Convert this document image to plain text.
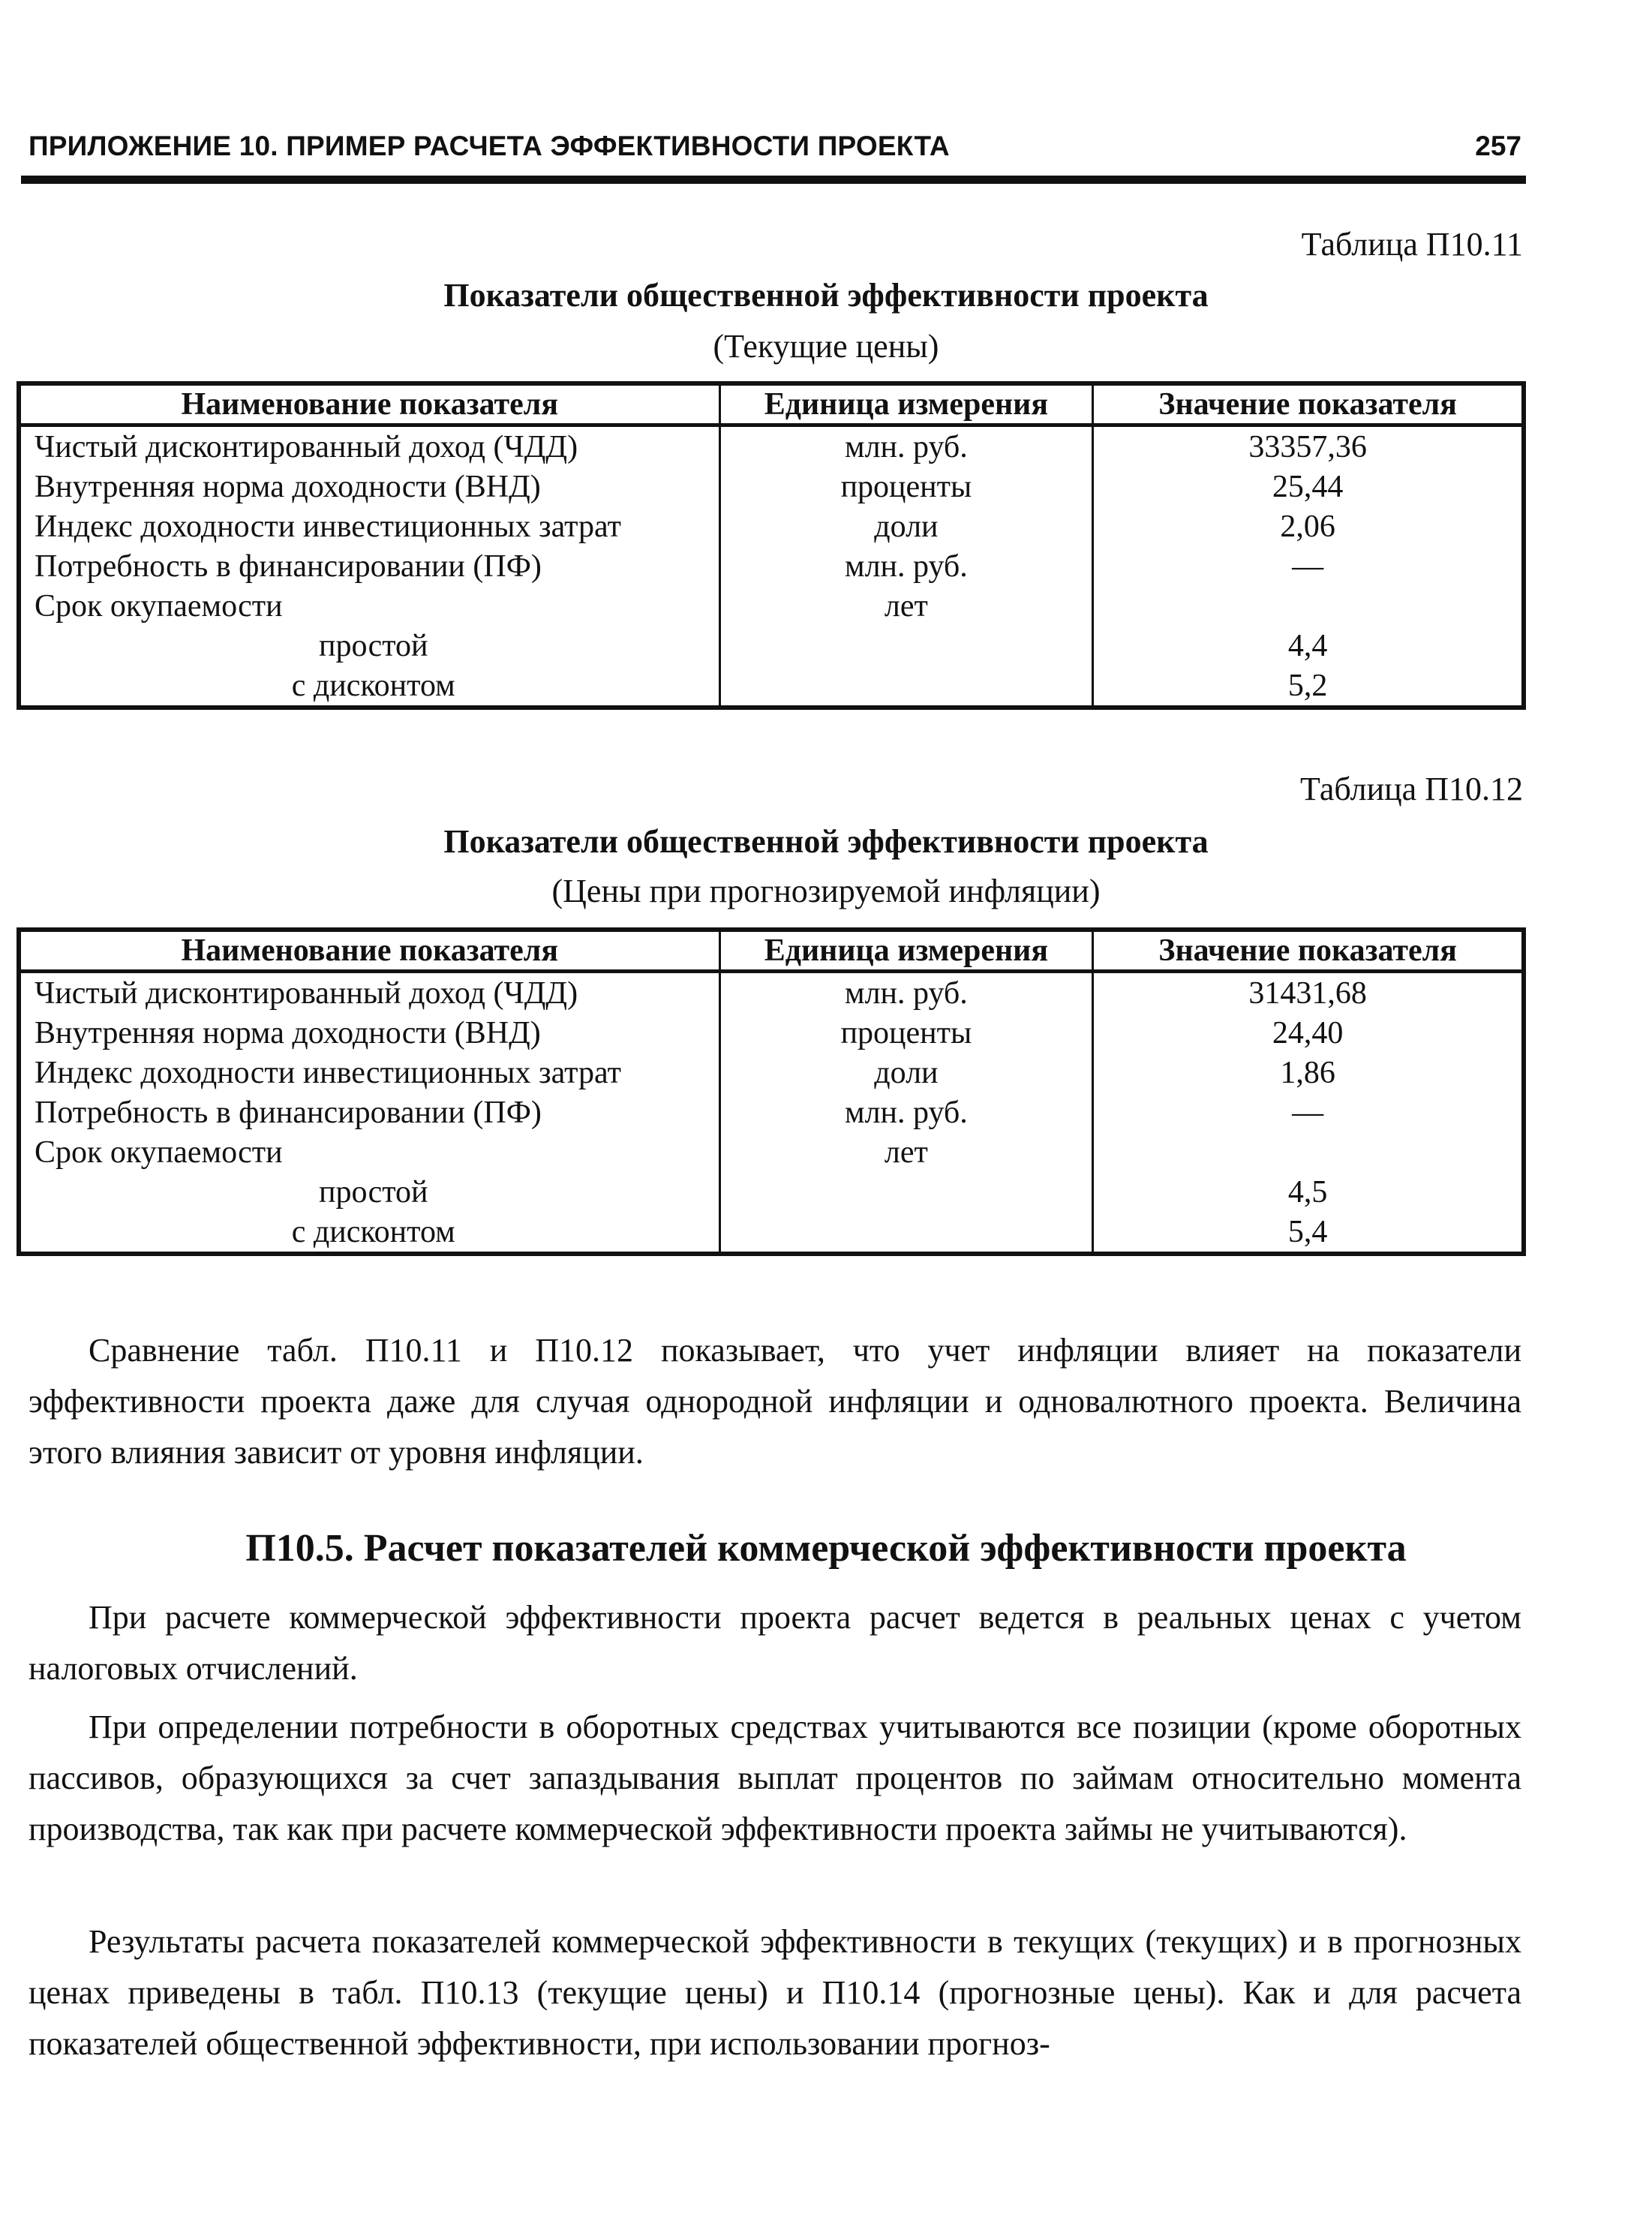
ПРИЛОЖЕНИЕ 10. ПРИМЕР РАСЧЕТА ЭФФЕКТИВНОСТИ ПРОЕКТА	257
Таблица П10.11
Показатели общественной эффективности проекта
(Текущие цены)
Наименование показателя	Единица измерения	Значение показателя
Чистый дисконтированный доход (ЧДД)	млн. руб.	33357,36
Внутренняя норма доходности (ВНД)	проценты	25,44
Индекс доходности инвестиционных затрат	доли	2,06
Потребность в финансировании (ПФ)	млн. руб.	—
Срок окупаемости	лет	
простой		4,4
с дисконтом		5,2
Таблица П10.12
Показатели общественной эффективности проекта
(Цены при прогнозируемой инфляции)
Наименование показателя	Единица измерения	Значение показателя
Чистый дисконтированный доход (ЧДД)	млн. руб.	31431,68
Внутренняя норма доходности (ВНД)	проценты	24,40
Индекс доходности инвестиционных затрат	доли	1,86
Потребность в финансировании (ПФ)	млн. руб.	—
Срок окупаемости	лет	
простой		4,5
с дисконтом		5,4
Сравнение табл. П10.11 и П10.12 показывает, что учет инфляции влияет на показатели эффективности проекта даже для случая однородной инфляции и одновалютного проекта. Величина этого влияния зависит от уровня инфляции.
П10.5. Расчет показателей коммерческой эффективности проекта
При расчете коммерческой эффективности проекта расчет ведется в реальных ценах с учетом налоговых отчислений.
При определении потребности в оборотных средствах учитываются все позиции (кроме оборотных пассивов, образующихся за счет запаздывания выплат процентов по займам относительно момента производства, так как при расчете коммерческой эффективности проекта займы не учитываются).
Результаты расчета показателей коммерческой эффективности в текущих (текущих) и в прогнозных ценах приведены в табл. П10.13 (текущие цены) и П10.14 (прогнозные цены). Как и для расчета показателей общественной эффективности, при использовании прогноз-
